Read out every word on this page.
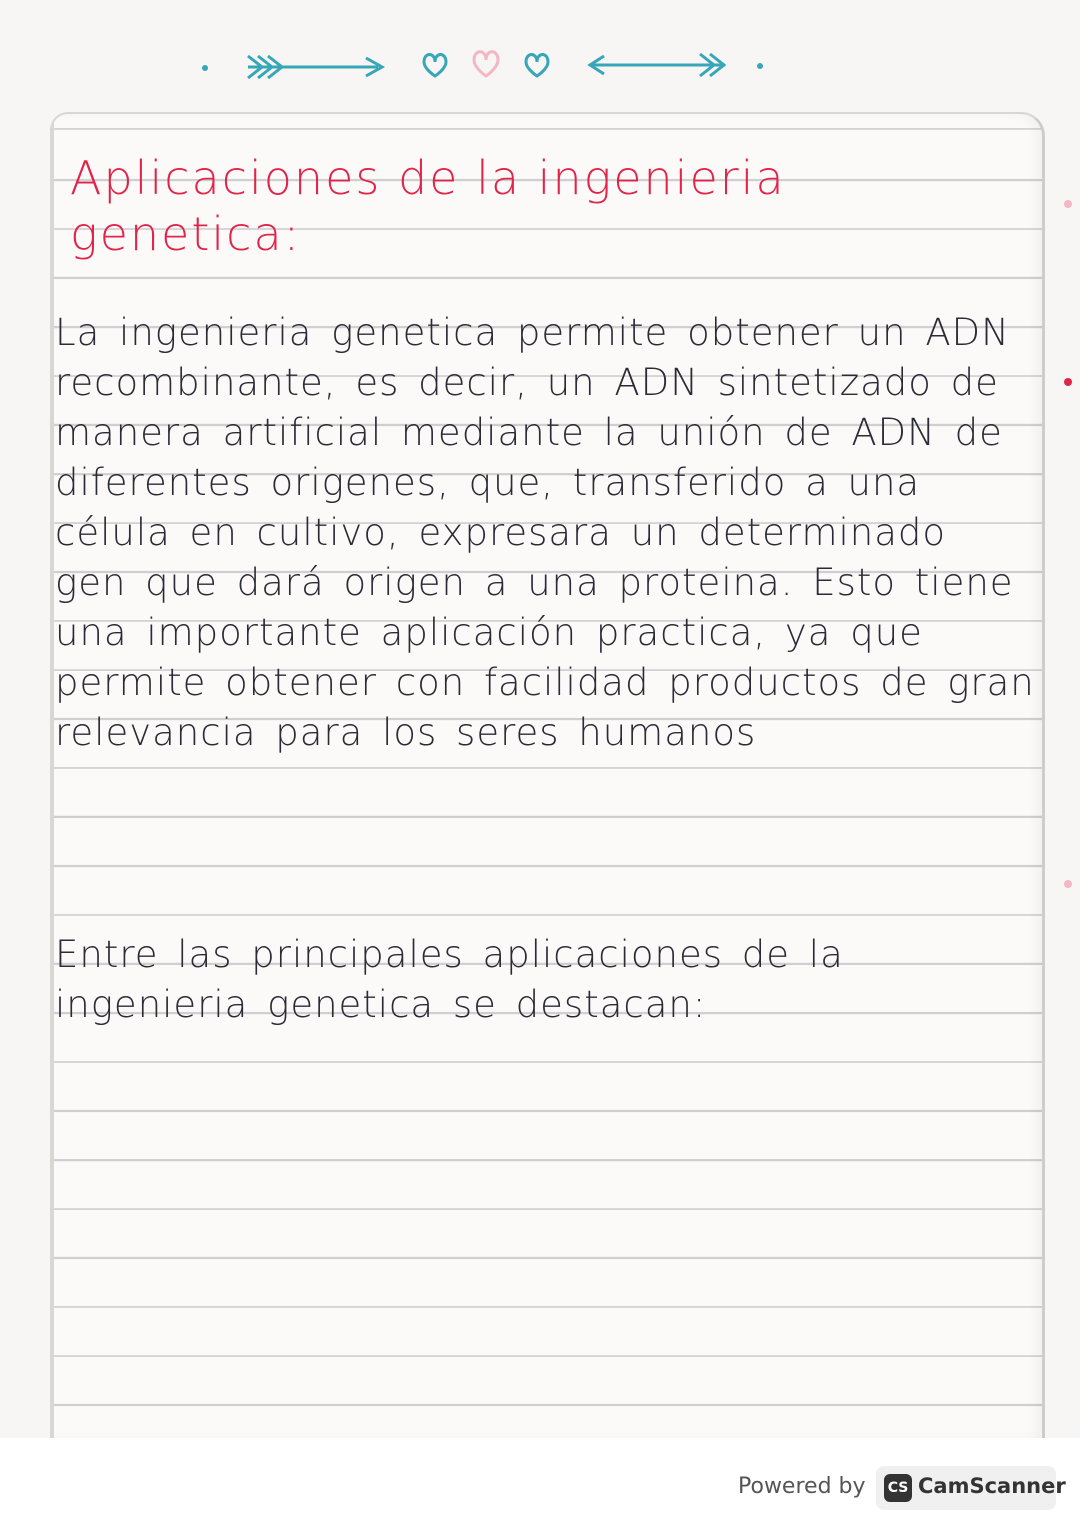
Aplicaciones de la ingenieria genetica:
La ingenieria genetica permite obtener un ADN recombinante, es decir, un ADN sintetizado de manera artificial mediante la unión de ADN de diferentes origenes, que, transferido a una célula en cultivo, expresara un determinado gen que dará origen a una proteina. Esto tiene una importante aplicación practica, ya que permite obtener con facilidad productos de gran relevancia para los seres humanos
Entre las principales aplicaciones de la ingenieria genetica se destacan:
Powered by CS CamScanner
